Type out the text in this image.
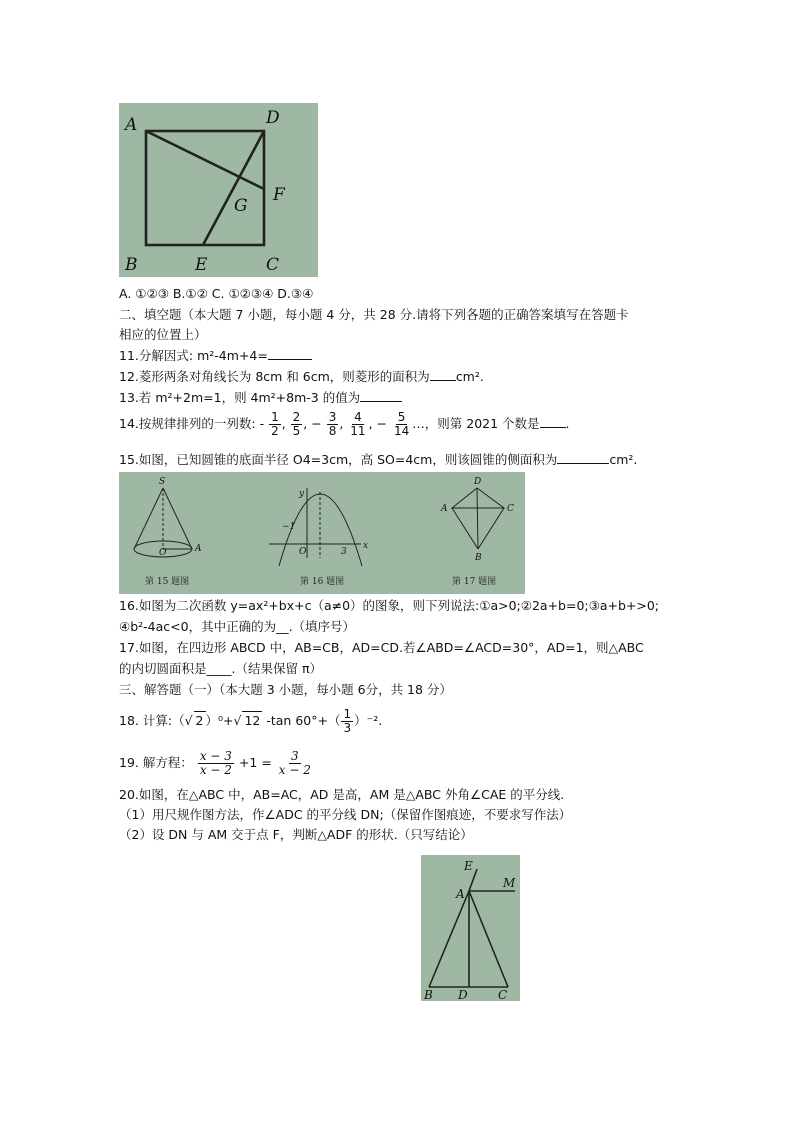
A	D
F
G
B	E	C
A. ①②③ B.①② C. ①②③④ D.③④
二、填空题（本大题 7 小题，每小题 4 分，共 28 分.请将下列各题的正确答案填写在答题卡
相应的位置上）
11.分解因式: m²-4m+4=
12.菱形两条对角线长为 8cm 和 6cm，则菱形的面积为 cm².
13.若 m²+2m=1，则 4m²+8m-3 的值为
14.按规律排列的一列数: - $\frac{1}{2}$ , $\frac{2}{5}$ , − $\frac{3}{8}$ , $\frac{4}{11}$ , − $\frac{5}{14}$ …，则第 2021 个数是 .
15.如图，已知圆锥的底面半径 O4=3cm，高 SO=4cm，则该圆锥的侧面积为	cm².
S
O	A
y
x
−1
O	3
D
A	C
B
第 15 题图	第 16 题图	第 17 题图
16.如图为二次函数 y=ax²+bx+c（a≠0）的图象，则下列说法:①a>0;②2a+b=0;③a+b+>0;
④b²-4ac<0，其中正确的为__.（填序号）
17.如图，在四边形 ABCD 中，AB=CB，AD=CD.若∠ABD=∠ACD=30°，AD=1，则△ABC
的内切圆面积是____.（结果保留 π）
三、解答题（一）（本大题 3 小题，每小题 6分，共 18 分）
18. 计算:（√ 2 ）⁰+√ 12 -tan $60^\circ+( \frac{1}{3} )^{-2}$.
19. 解方程： $\frac{x - 3}{x - 2} +1 = \frac{3}{x - 2}$
20.如图，在△ABC 中，AB=AC，AD 是高，AM 是△ABC 外角∠CAE 的平分线.
（1）用尺规作图方法，作∠ADC 的平分线 DN;（保留作图痕迹，不要求写作法）
（2）设 DN 与 AM 交于点 F，判断△ADF 的形状.（只写结论）
E
A
M
B D	C
